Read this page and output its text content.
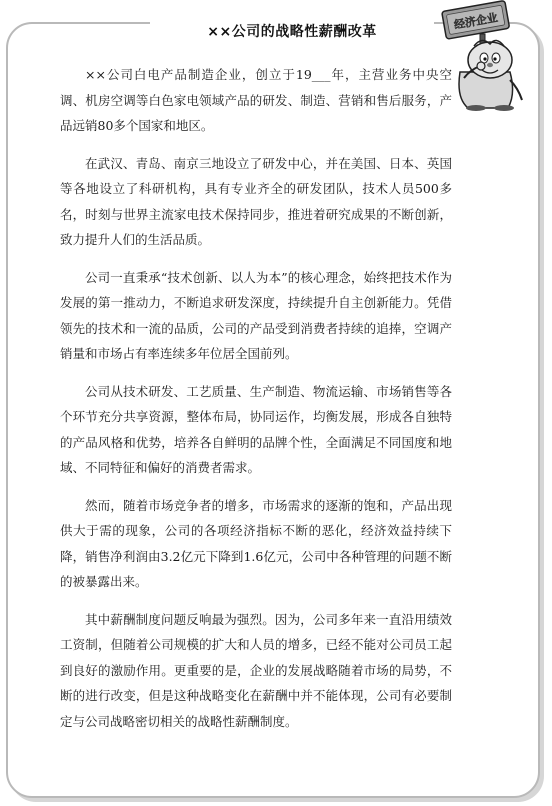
××公司的战略性薪酬改革
经济企业

××公司白电产品制造企业，创立于19___年，主营业务中央空调、机房空调等白色家电领域产品的研发、制造、营销和售后服务，产品远销80多个国家和地区。

在武汉、青岛、南京三地设立了研发中心，并在美国、日本、英国等各地设立了科研机构，具有专业齐全的研发团队，技术人员500多名，时刻与世界主流家电技术保持同步，推进着研究成果的不断创新，致力提升人们的生活品质。

公司一直秉承“技术创新、以人为本”的核心理念，始终把技术作为发展的第一推动力，不断追求研发深度，持续提升自主创新能力。凭借领先的技术和一流的品质，公司的产品受到消费者持续的追捧，空调产销量和市场占有率连续多年位居全国前列。

公司从技术研发、工艺质量、生产制造、物流运输、市场销售等各个环节充分共享资源，整体布局，协同运作，均衡发展，形成各自独特的产品风格和优势，培养各自鲜明的品牌个性，全面满足不同国度和地域、不同特征和偏好的消费者需求。

然而，随着市场竞争者的增多，市场需求的逐渐的饱和，产品出现供大于需的现象，公司的各项经济指标不断的恶化，经济效益持续下降，销售净利润由3.2亿元下降到1.6亿元，公司中各种管理的问题不断的被暴露出来。

其中薪酬制度问题反响最为强烈。因为，公司多年来一直沿用绩效工资制，但随着公司规模的扩大和人员的增多，已经不能对公司员工起到良好的激励作用。更重要的是，企业的发展战略随着市场的局势，不断的进行改变，但是这种战略变化在薪酬中并不能体现，公司有必要制定与公司战略密切相关的战略性薪酬制度。
